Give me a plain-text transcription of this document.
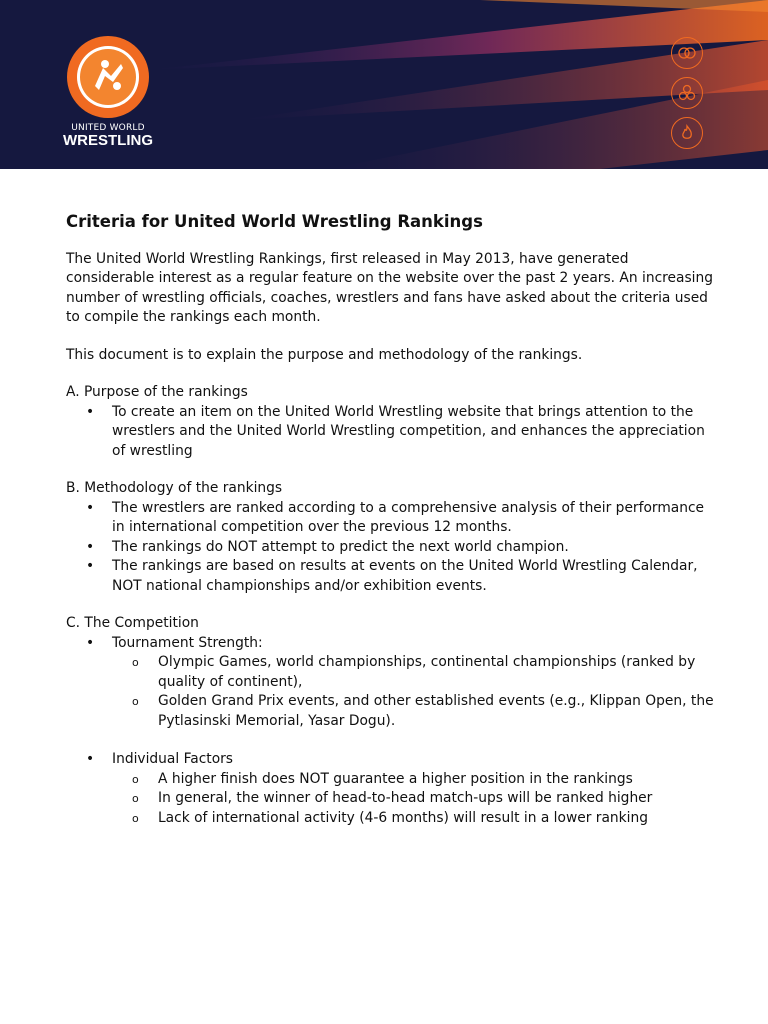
UNITED WORLD
WRESTLING
Criteria for United World Wrestling Rankings

The United World Wrestling Rankings, first released in May 2013, have generated considerable interest as a regular feature on the website over the past 2 years. An increasing number of wrestling officials, coaches, wrestlers and fans have asked about the criteria used to compile the rankings each month.

This document is to explain the purpose and methodology of the rankings.

A. Purpose of the rankings
• To create an item on the United World Wrestling website that brings attention to the wrestlers and the United World Wrestling competition, and enhances the appreciation of wrestling
B. Methodology of the rankings
• The wrestlers are ranked according to a comprehensive analysis of their performance in international competition over the previous 12 months.
• The rankings do NOT attempt to predict the next world champion.
• The rankings are based on results at events on the United World Wrestling Calendar, NOT national championships and/or exhibition events.
C. The Competition
• Tournament Strength:
o Olympic Games, world championships, continental championships (ranked by quality of continent),
o Golden Grand Prix events, and other established events (e.g., Klippan Open, the Pytlasinski Memorial, Yasar Dogu).
• Individual Factors
o A higher finish does NOT guarantee a higher position in the rankings
o In general, the winner of head-to-head match-ups will be ranked higher
o Lack of international activity (4-6 months) will result in a lower ranking
